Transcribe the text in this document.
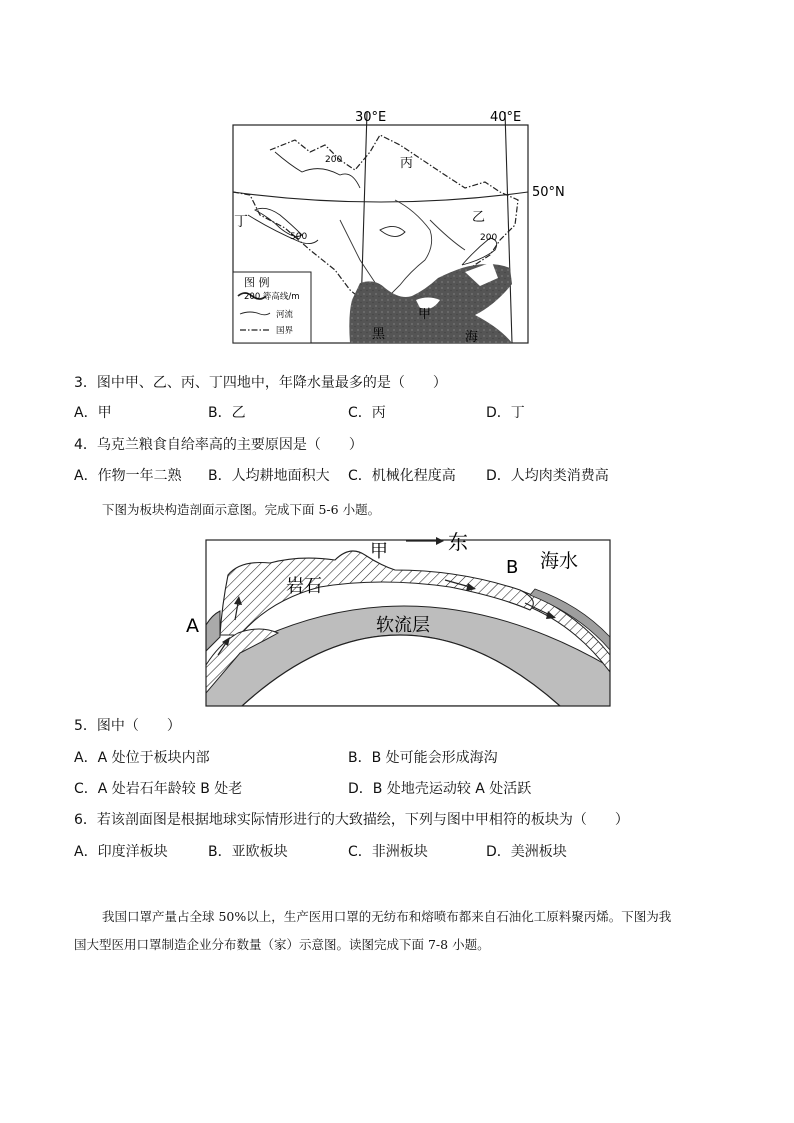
30°E	40°E
50°N
丙
乙
丁
甲
黑	海
200
500	200
图 例
200 等高线/m
河流
国界
3．图中甲、乙、丙、丁四地中，年降水量最多的是（　　）
A．甲	B．乙	C．丙	D．丁
4．乌克兰粮食自给率高的主要原因是（　　）
A．作物一年二熟 B．人均耕地面积大 C．机械化程度高 D．人均肉类消费高
下图为板块构造剖面示意图。完成下面 5-6 小题。
甲	东
B 海水
岩石
A	软流层
5．图中（　　）
A．A 处位于板块内部	B．B 处可能会形成海沟
C．A 处岩石年龄较 B 处老	D．B 处地壳运动较 A 处活跃
6．若该剖面图是根据地球实际情形进行的大致描绘，下列与图中甲相符的板块为（　　）
A．印度洋板块	B．亚欧板块	C．非洲板块	D．美洲板块
我国口罩产量占全球 50%以上，生产医用口罩的无纺布和熔喷布都来自石油化工原料聚丙烯。下图为我
国大型医用口罩制造企业分布数量（家）示意图。读图完成下面 7-8 小题。
